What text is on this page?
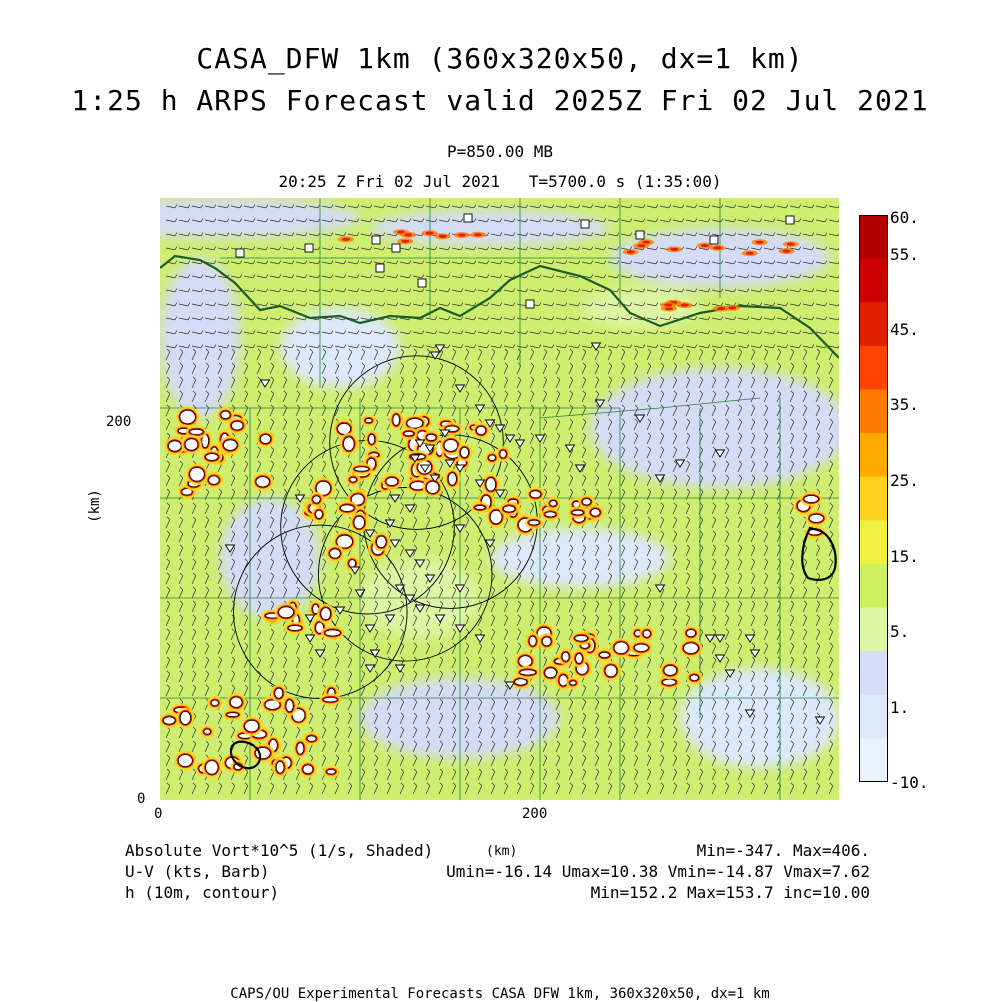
CASA_DFW 1km (360x320x50, dx=1 km)
1:25 h ARPS Forecast valid 2025Z Fri 02 Jul 2021
P=850.00 MB
20:25 Z Fri 02 Jul 2021 T=5700.0 s (1:35:00)
200
0
(km)
0	200
60.
55.
45.
35.
25.
15.
5.
1.
-10.
Absolute Vort*10^5 (1/s, Shaded)	(km)	Min=-347. Max=406.
U-V (kts, Barb)	Umin=-16.14 Umax=10.38 Vmin=-14.87 Vmax=7.62
h (10m, contour)	Min=152.2 Max=153.7 inc=10.00
CAPS/OU Experimental Forecasts CASA DFW 1km, 360x320x50, dx=1 km
